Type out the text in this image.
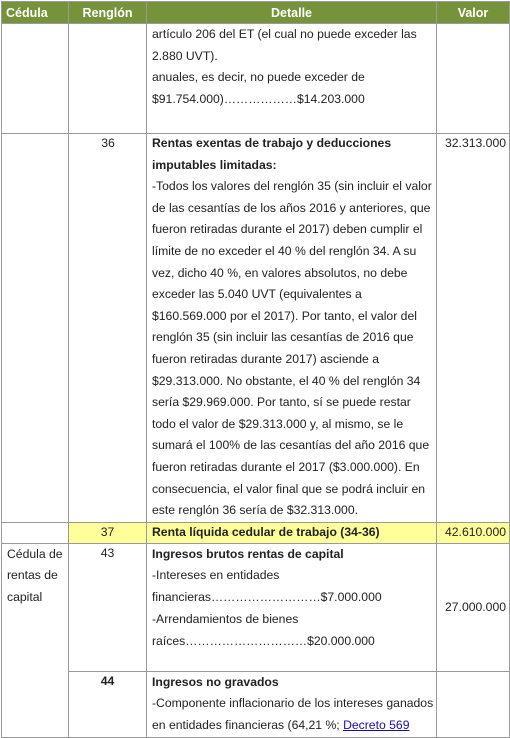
Cédula	Renglón	Detalle	Valor

		artículo 206 del ET (el cual no puede exceder las
2.880 UVT).
anuales, es decir, no puede exceder de
$91.754.000)………………$14.203.000	

	36	Rentas exentas de trabajo y deducciones imputables limitadas:
-Todos los valores del renglón 35 (sin incluir el valor de las cesantías de los años 2016 y anteriores, que fueron retiradas durante el 2017) deben cumplir el límite de no exceder el 40 % del renglón 34. A su vez, dicho 40 %, en valores absolutos, no debe exceder las 5.040 UVT (equivalentes a $160.569.000 por el 2017). Por tanto, el valor del renglón 35 (sin incluir las cesantías de 2016 que fueron retiradas durante 2017) asciende a $29.313.000. No obstante, el 40 % del renglón 34 sería $29.969.000. Por tanto, sí se puede restar todo el valor de $29.313.000 y, al mismo, se le sumará el 100% de las cesantías del año 2016 que fueron retiradas durante el 2017 ($3.000.000). En consecuencia, el valor final que se podrá incluir en este renglón 36 sería de $32.313.000.	32.313.000

	37	Renta líquida cedular de trabajo (34-36)	42.610.000

Cédula de
rentas de
capital	43	Ingresos brutos rentas de capital
-Intereses en entidades
financieras………………………$7.000.000
-Arrendamientos de bienes
raíces…………………………$20.000.000	27.000.000

	44	Ingresos no gravados
-Componente inflacionario de los intereses ganados
en entidades financieras (64,21 %; Decreto 569	
